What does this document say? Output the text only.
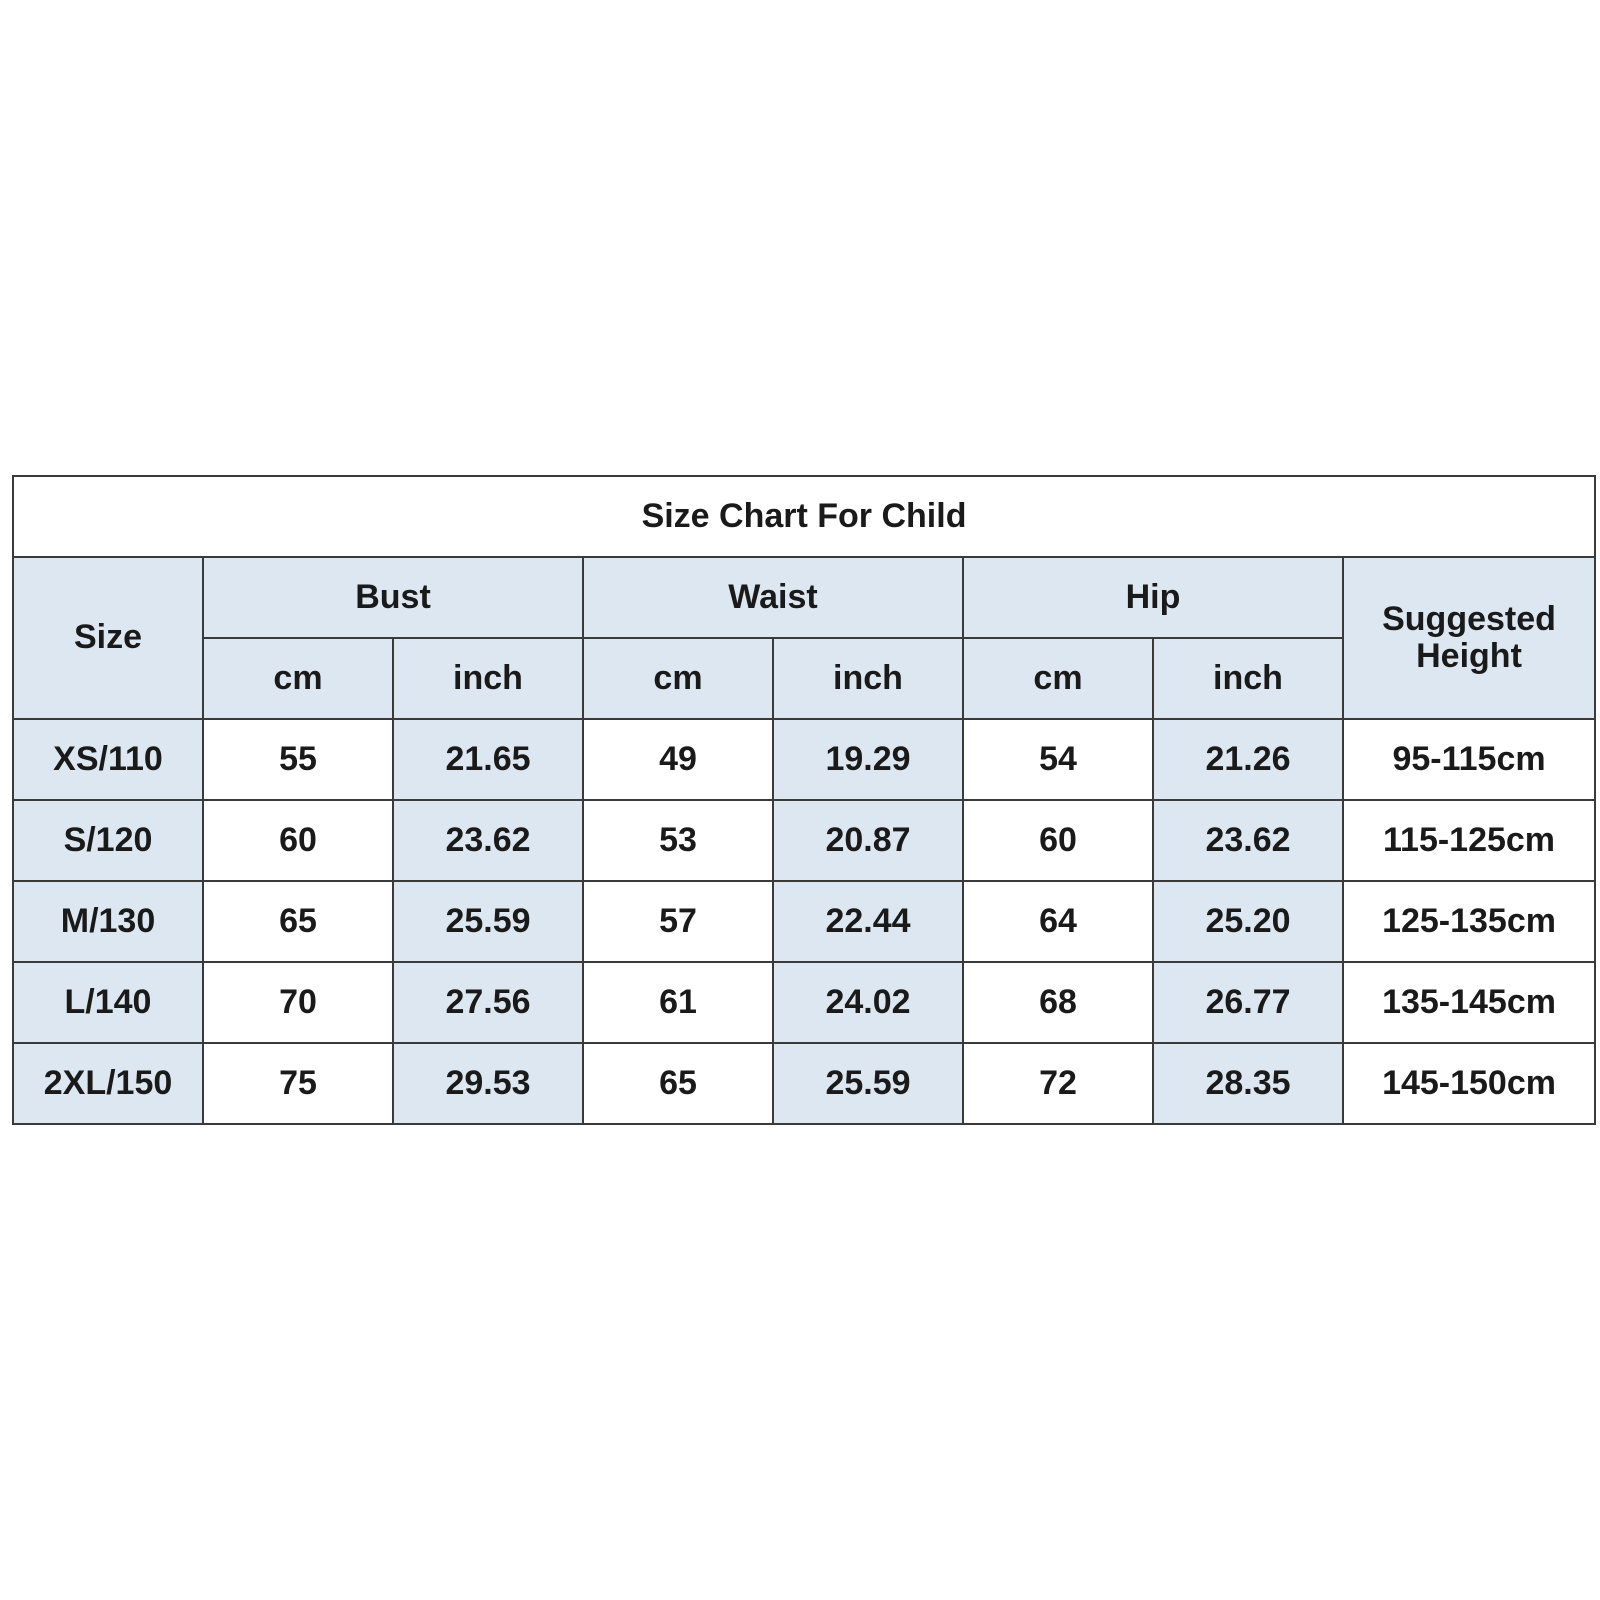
Size Chart For Child							
Size	Bust		Waist		Hip		Suggested
Height
	cm	inch	cm	inch	cm	inch	
XS/110	55	21.65	49	19.29	54	21.26	95-115cm
S/120	60	23.62	53	20.87	60	23.62	115-125cm
M/130	65	25.59	57	22.44	64	25.20	125-135cm
L/140	70	27.56	61	24.02	68	26.77	135-145cm
2XL/150	75	29.53	65	25.59	72	28.35	145-150cm
